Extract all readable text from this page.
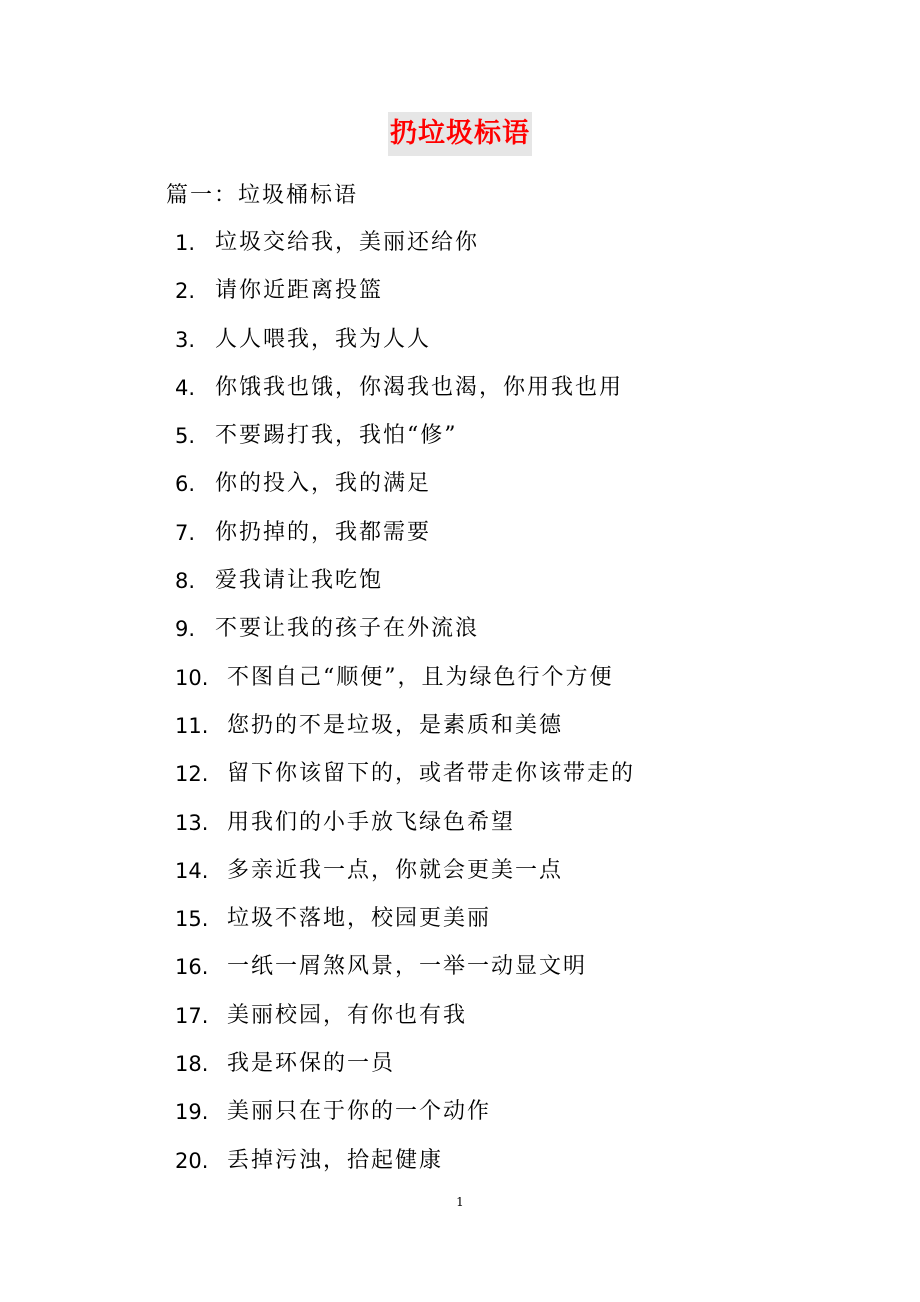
扔垃圾标语
篇一：垃圾桶标语
1. 垃圾交给我，美丽还给你
2. 请你近距离投篮
3. 人人喂我，我为人人
4. 你饿我也饿，你渴我也渴，你用我也用
5. 不要踢打我，我怕“修”
6. 你的投入，我的满足
7. 你扔掉的，我都需要
8. 爱我请让我吃饱
9. 不要让我的孩子在外流浪
10. 不图自己“顺便”，且为绿色行个方便
11. 您扔的不是垃圾，是素质和美德
12. 留下你该留下的，或者带走你该带走的
13. 用我们的小手放飞绿色希望
14. 多亲近我一点，你就会更美一点
15. 垃圾不落地，校园更美丽
16. 一纸一屑煞风景，一举一动显文明
17. 美丽校园，有你也有我
18. 我是环保的一员
19. 美丽只在于你的一个动作
20. 丢掉污浊，拾起健康
1
